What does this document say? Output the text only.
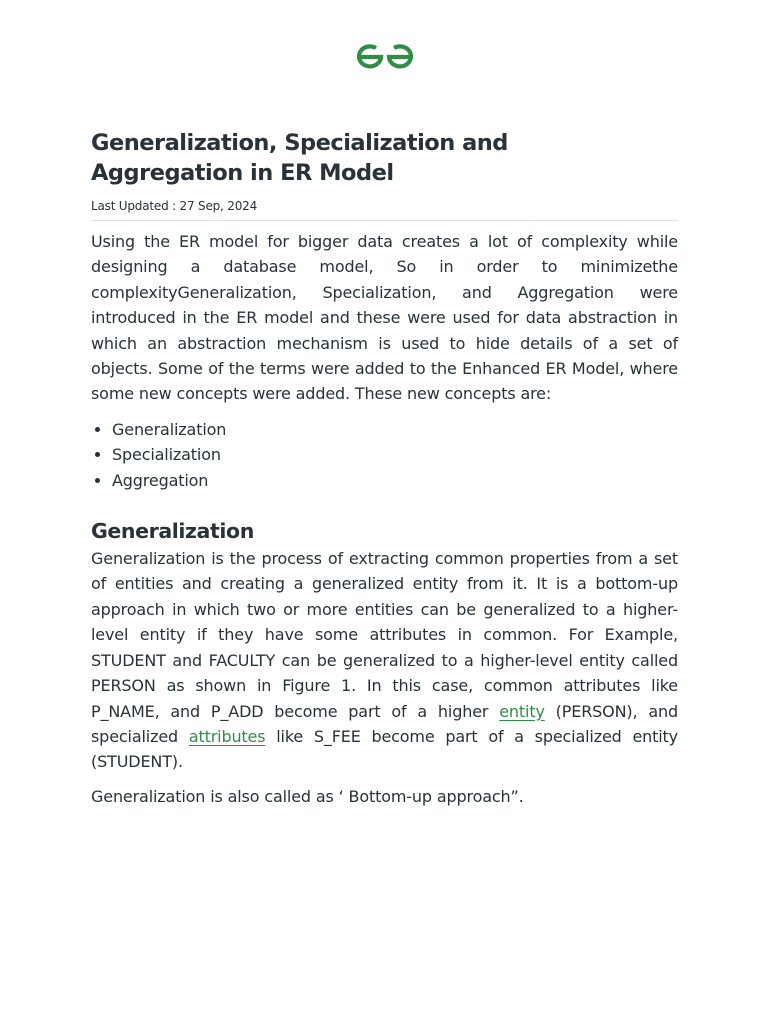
Generalization, Specialization and Aggregation in ER Model
Last Updated : 27 Sep, 2024

Using the ER model for bigger data creates a lot of complexity while designing a database model, So in order to minimizethe complexityGeneralization, Specialization, and Aggregation were introduced in the ER model and these were used for data abstraction in which an abstraction mechanism is used to hide details of a set of objects. Some of the terms were added to the Enhanced ER Model, where some new concepts were added. These new concepts are:

• Generalization
• Specialization
• Aggregation
Generalization

Generalization is the process of extracting common properties from a set of entities and creating a generalized entity from it. It is a bottom-up approach in which two or more entities can be generalized to a higher-level entity if they have some attributes in common. For Example, STUDENT and FACULTY can be generalized to a higher-level entity called PERSON as shown in Figure 1. In this case, common attributes like P_NAME, and P_ADD become part of a higher entity (PERSON), and specialized attributes like S_FEE become part of a specialized entity (STUDENT).

Generalization is also called as ‘ Bottom-up approach”.
